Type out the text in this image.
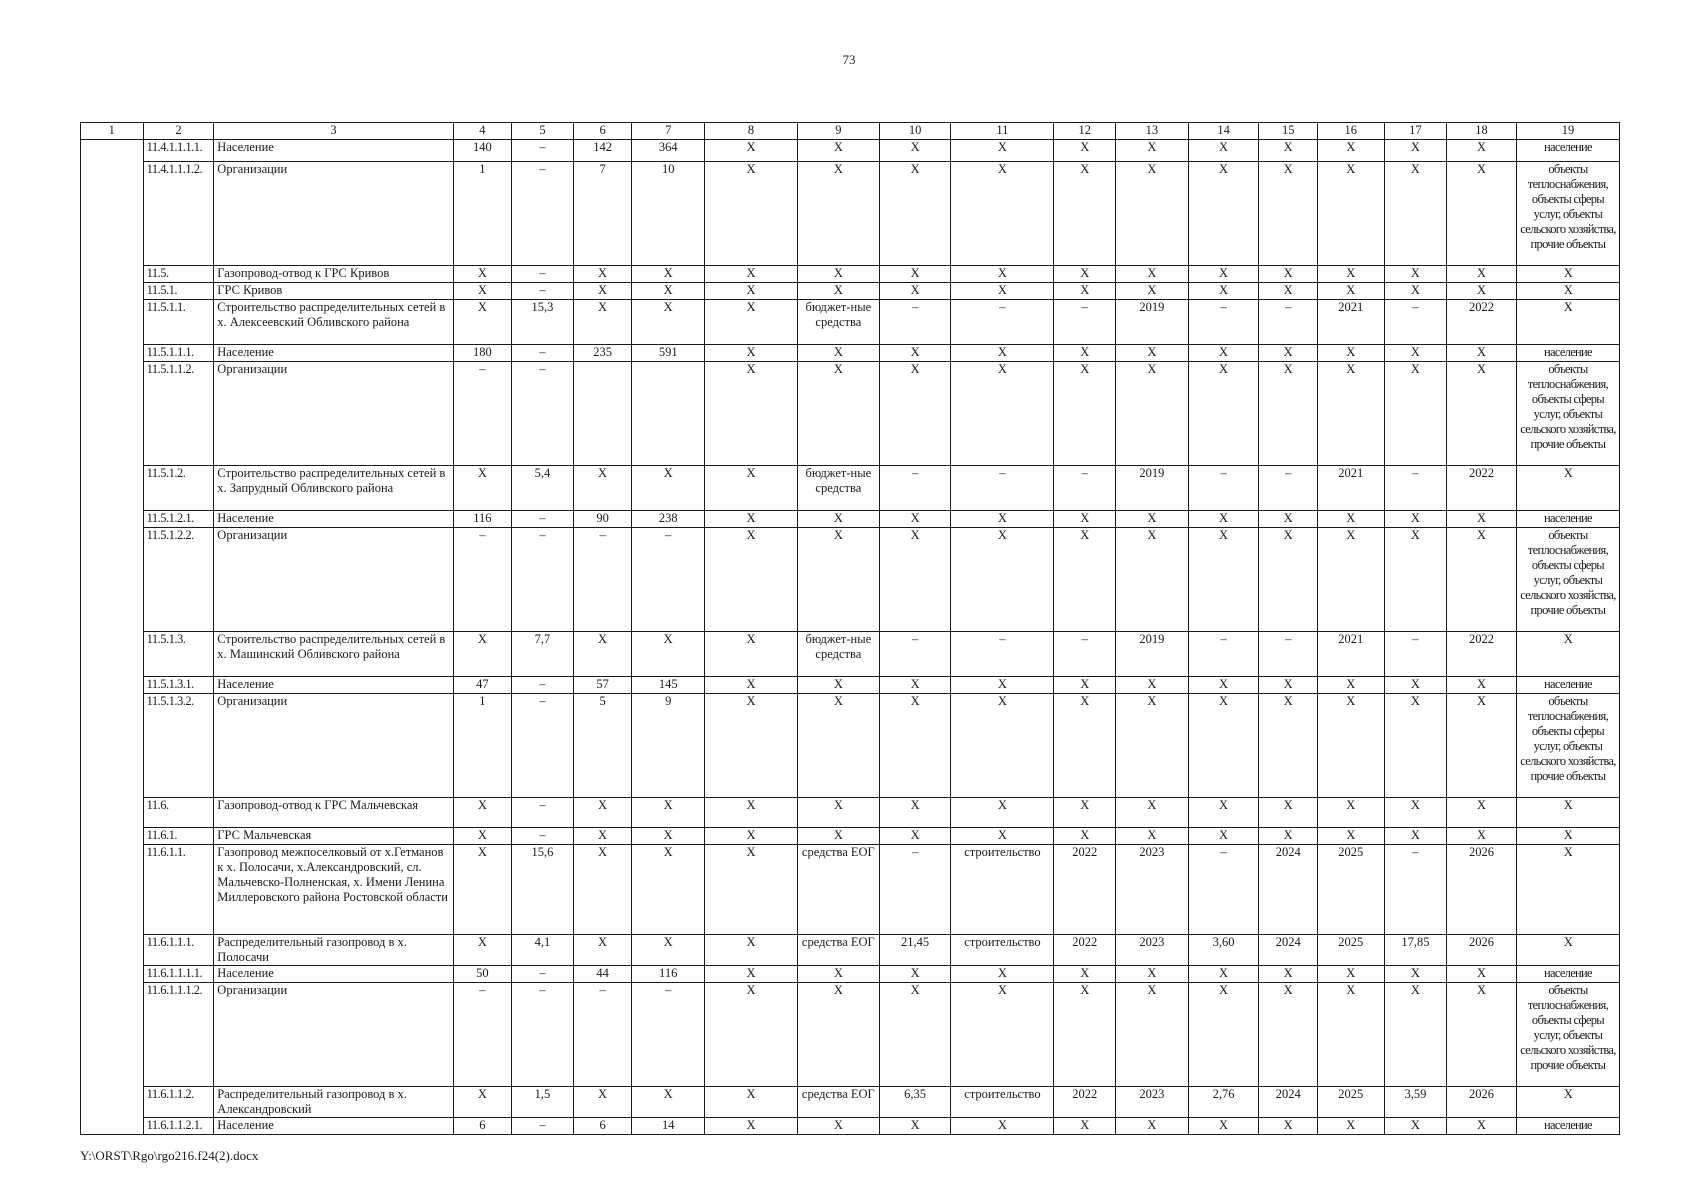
73
1	2	3	4	5	6	7	8	9	10	11	12	13	14	15	16	17	18	19
	11.4.1.1.1.1.	Население	140	–	142	364	Х	Х	Х	Х	Х	Х	Х	Х	Х	Х	Х	население
	11.4.1.1.1.2.	Организации	1	–	7	10	Х	Х	Х	Х	Х	Х	Х	Х	Х	Х	Х	объекты теплоснабжения, объекты сферы услуг, объекты сельского хозяйства, прочие объекты
	11.5.	Газопровод-отвод к ГРС Кривов	Х	–	Х	Х	Х	Х	Х	Х	Х	Х	Х	Х	Х	Х	Х	Х
	11.5.1.	ГРС Кривов	Х	–	Х	Х	Х	Х	Х	Х	Х	Х	Х	Х	Х	Х	Х	Х
	11.5.1.1.	Строительство распределительных сетей в х. Алексеевский Обливского района	Х	15,3	Х	Х	Х	бюджет-ные средства	–	–	–	2019	–	–	2021	–	2022	Х
	11.5.1.1.1.	Население	180	–	235	591	Х	Х	Х	Х	Х	Х	Х	Х	Х	Х	Х	население
	11.5.1.1.2.	Организации	–	–			Х	Х	Х	Х	Х	Х	Х	Х	Х	Х	Х	объекты теплоснабжения, объекты сферы услуг, объекты сельского хозяйства, прочие объекты
	11.5.1.2.	Строительство распределительных сетей в х. Запрудный Обливского района	Х	5,4	Х	Х	Х	бюджет-ные средства	–	–	–	2019	–	–	2021	–	2022	Х
	11.5.1.2.1.	Население	116	–	90	238	Х	Х	Х	Х	Х	Х	Х	Х	Х	Х	Х	население
	11.5.1.2.2.	Организации	–	–	–	–	Х	Х	Х	Х	Х	Х	Х	Х	Х	Х	Х	объекты теплоснабжения, объекты сферы услуг, объекты сельского хозяйства, прочие объекты
	11.5.1.3.	Строительство распределительных сетей в х. Машинский Обливского района	Х	7,7	Х	Х	Х	бюджет-ные средства	–	–	–	2019	–	–	2021	–	2022	Х
	11.5.1.3.1.	Население	47	–	57	145	Х	Х	Х	Х	Х	Х	Х	Х	Х	Х	Х	население
	11.5.1.3.2.	Организации	1	–	5	9	Х	Х	Х	Х	Х	Х	Х	Х	Х	Х	Х	объекты теплоснабжения, объекты сферы услуг, объекты сельского хозяйства, прочие объекты
	11.6.	Газопровод-отвод к ГРС Мальчевская	Х	–	Х	Х	Х	Х	Х	Х	Х	Х	Х	Х	Х	Х	Х	Х
	11.6.1.	ГРС Мальчевская	Х	–	Х	Х	Х	Х	Х	Х	Х	Х	Х	Х	Х	Х	Х	Х
	11.6.1.1.	Газопровод межпоселковый от х.Гетманов к х. Полосачи, х.Александровский, сл. Мальчевско-Полненская, х. Имени Ленина Миллеровского района Ростовской области	Х	15,6	Х	Х	Х	средства ЕОГ	–	строительство	2022	2023	–	2024	2025	–	2026	Х
	11.6.1.1.1.	Распределительный газопровод в х. Полосачи	Х	4,1	Х	Х	Х	средства ЕОГ	21,45	строительство	2022	2023	3,60	2024	2025	17,85	2026	Х
	11.6.1.1.1.1.	Население	50	–	44	116	Х	Х	Х	Х	Х	Х	Х	Х	Х	Х	Х	население
	11.6.1.1.1.2.	Организации	–	–	–	–	Х	Х	Х	Х	Х	Х	Х	Х	Х	Х	Х	объекты теплоснабжения, объекты сферы услуг, объекты сельского хозяйства, прочие объекты
	11.6.1.1.2.	Распределительный газопровод в х. Александровский	Х	1,5	Х	Х	Х	средства ЕОГ	6,35	строительство	2022	2023	2,76	2024	2025	3,59	2026	Х
	11.6.1.1.2.1.	Население	6	–	6	14	Х	Х	Х	Х	Х	Х	Х	Х	Х	Х	Х	население
Y:\ORST\Rgo\rgo216.f24(2).docx
